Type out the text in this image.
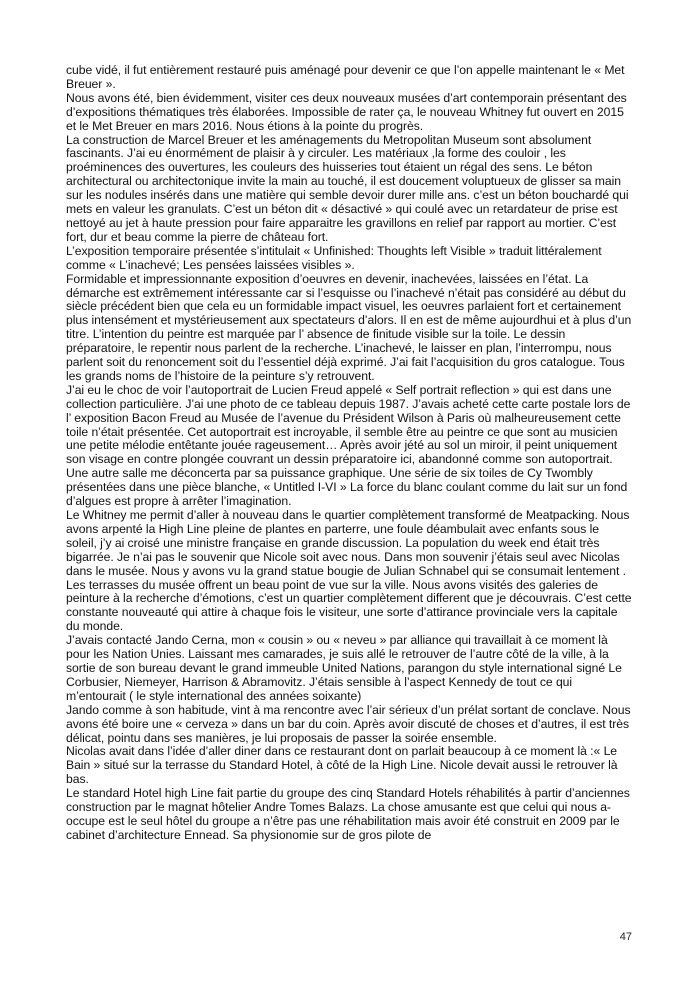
cube vidé, il fut entièrement restauré puis aménagé pour devenir ce que l’on appelle maintenant le « Met Breuer ».

Nous avons été, bien évidemment, visiter ces deux nouveaux musées d’art contemporain présentant des d’expositions thématiques très élaborées. Impossible de rater ça, le nouveau Whitney fut ouvert en 2015 et le Met Breuer en mars 2016. Nous étions à la pointe du progrès.

La construction de Marcel Breuer et les aménagements du Metropolitan Museum sont absolument fascinants. J’ai eu énormément de plaisir à y circuler. Les matériaux ,la forme des couloir , les proéminences des ouvertures, les couleurs des huisseries tout étaient un régal des sens. Le béton architectural ou architectonique invite la main au touché, il est doucement voluptueux de glisser sa main sur les nodules insérés dans une matière qui semble devoir durer mille ans. c’est un béton bouchardé qui mets en valeur les granulats. C’est un béton dit « désactivé » qui coulé avec un retardateur de prise est nettoyé au jet à haute pression pour faire apparaitre les gravillons en relief par rapport au mortier. C’est fort, dur et beau comme la pierre de château fort.

L’exposition temporaire présentée s’intitulait « Unfinished: Thoughts left Visible » traduit littéralement comme « L’inachevé; Les pensées laissées visibles ».

Formidable et impressionnante exposition d’oeuvres en devenir, inachevées, laissées en l’état. La démarche est extrêmement intéressante car si l’esquisse ou l’inachevé n’était pas considéré au début du siècle précédent bien que cela eu un formidable impact visuel, les oeuvres parlaient fort et certainement plus intensément et mystérieusement aux spectateurs d’alors. Il en est de même aujourdhui et à plus d’un titre. L’intention du peintre est marquée par l’ absence de finitude visible sur la toile. Le dessin préparatoire, le repentir nous parlent de la recherche. L’inachevé, le laisser en plan, l’interrompu, nous parlent soit du renoncement soit du l’essentiel déjà exprimé. J’ai fait l’acquisition du gros catalogue. Tous les grands noms de l’histoire de la peinture s’y retrouvent.

J’ai eu le choc de voir l’autoportrait de Lucien Freud appelé « Self portrait reflection » qui est dans une collection particulière. J’ai une photo de ce tableau depuis 1987. J’avais acheté cette carte postale lors de l’ exposition Bacon Freud au Musée de l’avenue du Président Wilson à Paris où malheureusement cette toile n’était présentée. Cet autoportrait est incroyable, il semble être au peintre ce que sont au musicien une petite mélodie entêtante jouée rageusement… Après avoir jété au sol un miroir, il peint uniquement son visage en contre plongée couvrant un dessin préparatoire ici, abandonné comme son autoportrait. Une autre salle me déconcerta par sa puissance graphique. Une série de six toiles de Cy Twombly présentées dans une pièce blanche, « Untitled I-VI » La force du blanc coulant comme du lait sur un fond d’algues est propre à arrêter l’imagination.

Le Whitney me permit d’aller à nouveau dans le quartier complètement transformé de Meatpacking. Nous avons arpenté la High Line pleine de plantes en parterre, une foule déambulait avec enfants sous le soleil, j’y ai croisé une ministre française en grande discussion. La population du week end était très bigarrée. Je n’ai pas le souvenir que Nicole soit avec nous. Dans mon souvenir j’étais seul avec Nicolas dans le musée. Nous y avons vu la grand statue bougie de Julian Schnabel qui se consumait lentement .

Les terrasses du musée offrent un beau point de vue sur la ville. Nous avons visités des galeries de peinture à la recherche d’émotions, c’est un quartier complètement different que je découvrais. C’est cette constante nouveauté qui attire à chaque fois le visiteur, une sorte d’attirance provinciale vers la capitale du monde.

J’avais contacté Jando Cerna, mon « cousin » ou « neveu » par alliance qui travaillait à ce moment là pour les Nation Unies. Laissant mes camarades, je suis allé le retrouver de l’autre côté de la ville, à la sortie de son bureau devant le grand immeuble United Nations, parangon du style international signé Le Corbusier, Niemeyer, Harrison & Abramovitz. J’étais sensible à l’aspect Kennedy de tout ce qui m’entourait ( le style international des années soixante)

Jando comme à son habitude, vint à ma rencontre avec l’air sérieux d’un prélat sortant de conclave. Nous avons été boire une « cerveza » dans un bar du coin. Après avoir discuté de choses et d’autres, il est très délicat, pointu dans ses manières, je lui proposais de passer la soirée ensemble.

Nicolas avait dans l’idée d’aller diner dans ce restaurant dont on parlait beaucoup à ce moment là :« Le Bain » situé sur la terrasse du Standard Hotel, à côté de la High Line. Nicole devait aussi le retrouver là bas.

Le standard Hotel high Line fait partie du groupe des cinq Standard Hotels réhabilités à partir d’anciennes construction par le magnat hôtelier Andre Tomes Balazs. La chose amusante est que celui qui nous a-occupe est le seul hôtel du groupe a n’être pas une réhabilitation mais avoir été construit en 2009 par le cabinet d’architecture Ennead. Sa physionomie sur de gros pilote de

47
